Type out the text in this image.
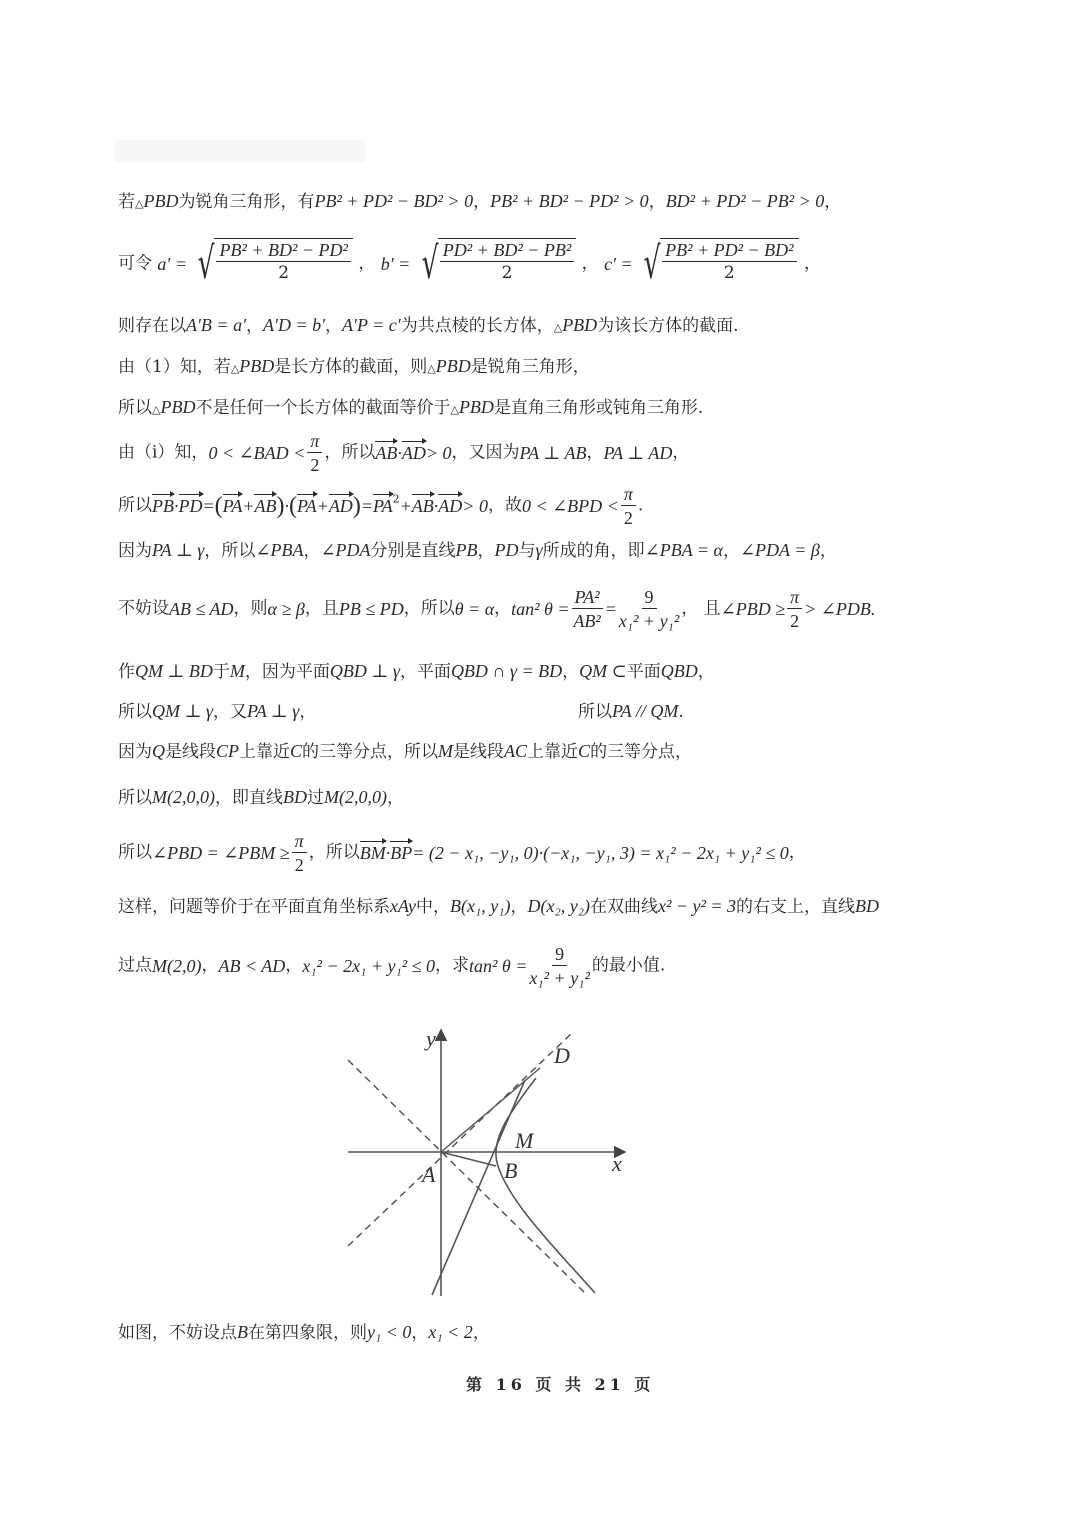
若△PBD为锐角三角形，有PB² + PD² − BD² > 0，PB² + BD² − PD² > 0，BD² + PD² − PB² > 0，
可令 a′ = √ $\frac{\text{PB² + BD² − PD²}}{2}$ ， b′ = √ $\frac{\text{PD² + BD² − PB²}}{2}$ ， c′ = √ $\frac{\text{PB² + PD² − BD²}}{2}$ ，
则存在以A′B = a′，A′D = b′，A′P = c′为共点棱的长方体，△PBD为该长方体的截面.
由（1）知，若△PBD是长方体的截面，则△PBD是锐角三角形，
所以△PBD不是任何一个长方体的截面等价于△PBD是直角三角形或钝角三角形.
由（i）知，0 < ∠BAD < $\frac{\pi}{2}$ ，所以AB·AD> 0，又因为PA ⊥ AB，PA ⊥ AD，
所以$PB\cdot PD=(PA+AB)\cdot(PA+AD)=PA^2+AB\cdot AD> 0$，故0 < ∠BPD < $\frac{\pi}{2}$ .
因为PA ⊥ γ，所以∠PBA，∠PDA分别是直线PB，PD与γ所成的角，即∠PBA = α，∠PDA = β，
不妨设AB ≤ AD，则α ≥ β，且PB ≤ PD，所以θ = α，tan² $\theta = \frac{\text{PA²}}{\text{AB²}} = \frac{9}{\text{x₁² + y₁²}}$ ， 且∠PBD ≥ $\frac{\pi}{2}$ > ∠PDB.
作QM ⊥ BD于M，因为平面QBD ⊥ γ，平面QBD ∩ γ = BD，QM ⊂平面QBD，
所以QM ⊥ γ，又PA ⊥ γ，	所以PA // QM.
因为Q是线段CP上靠近C的三等分点，所以M是线段AC上靠近C的三等分点，
所以M(2,0,0)，即直线BD过M(2,0,0)，
所以∠PBD = ∠PBM ≥ $\frac{\pi}{2}$ ，所以BM·BP= (2 − x₁, −y₁, 0)·(−x₁, −y₁, 3) = x₁² − 2x₁ + y₁² ≤ 0，
这样，问题等价于在平面直角坐标系xAy中，B(x₁, y₁)，D(x₂, y₂)在双曲线x² − y² = 3的右支上，直线BD
过点M(2,0)，AB < AD，x₁² − 2x₁ + y₁² ≤ 0，求tan² $\theta = \frac{9}{\text{x₁² + y₁²}}$ 的最小值.
M
B
A
D
x
y
如图，不妨设点B在第四象限，则y₁ < 0，x₁ < 2，
第 16 页 共 21 页
